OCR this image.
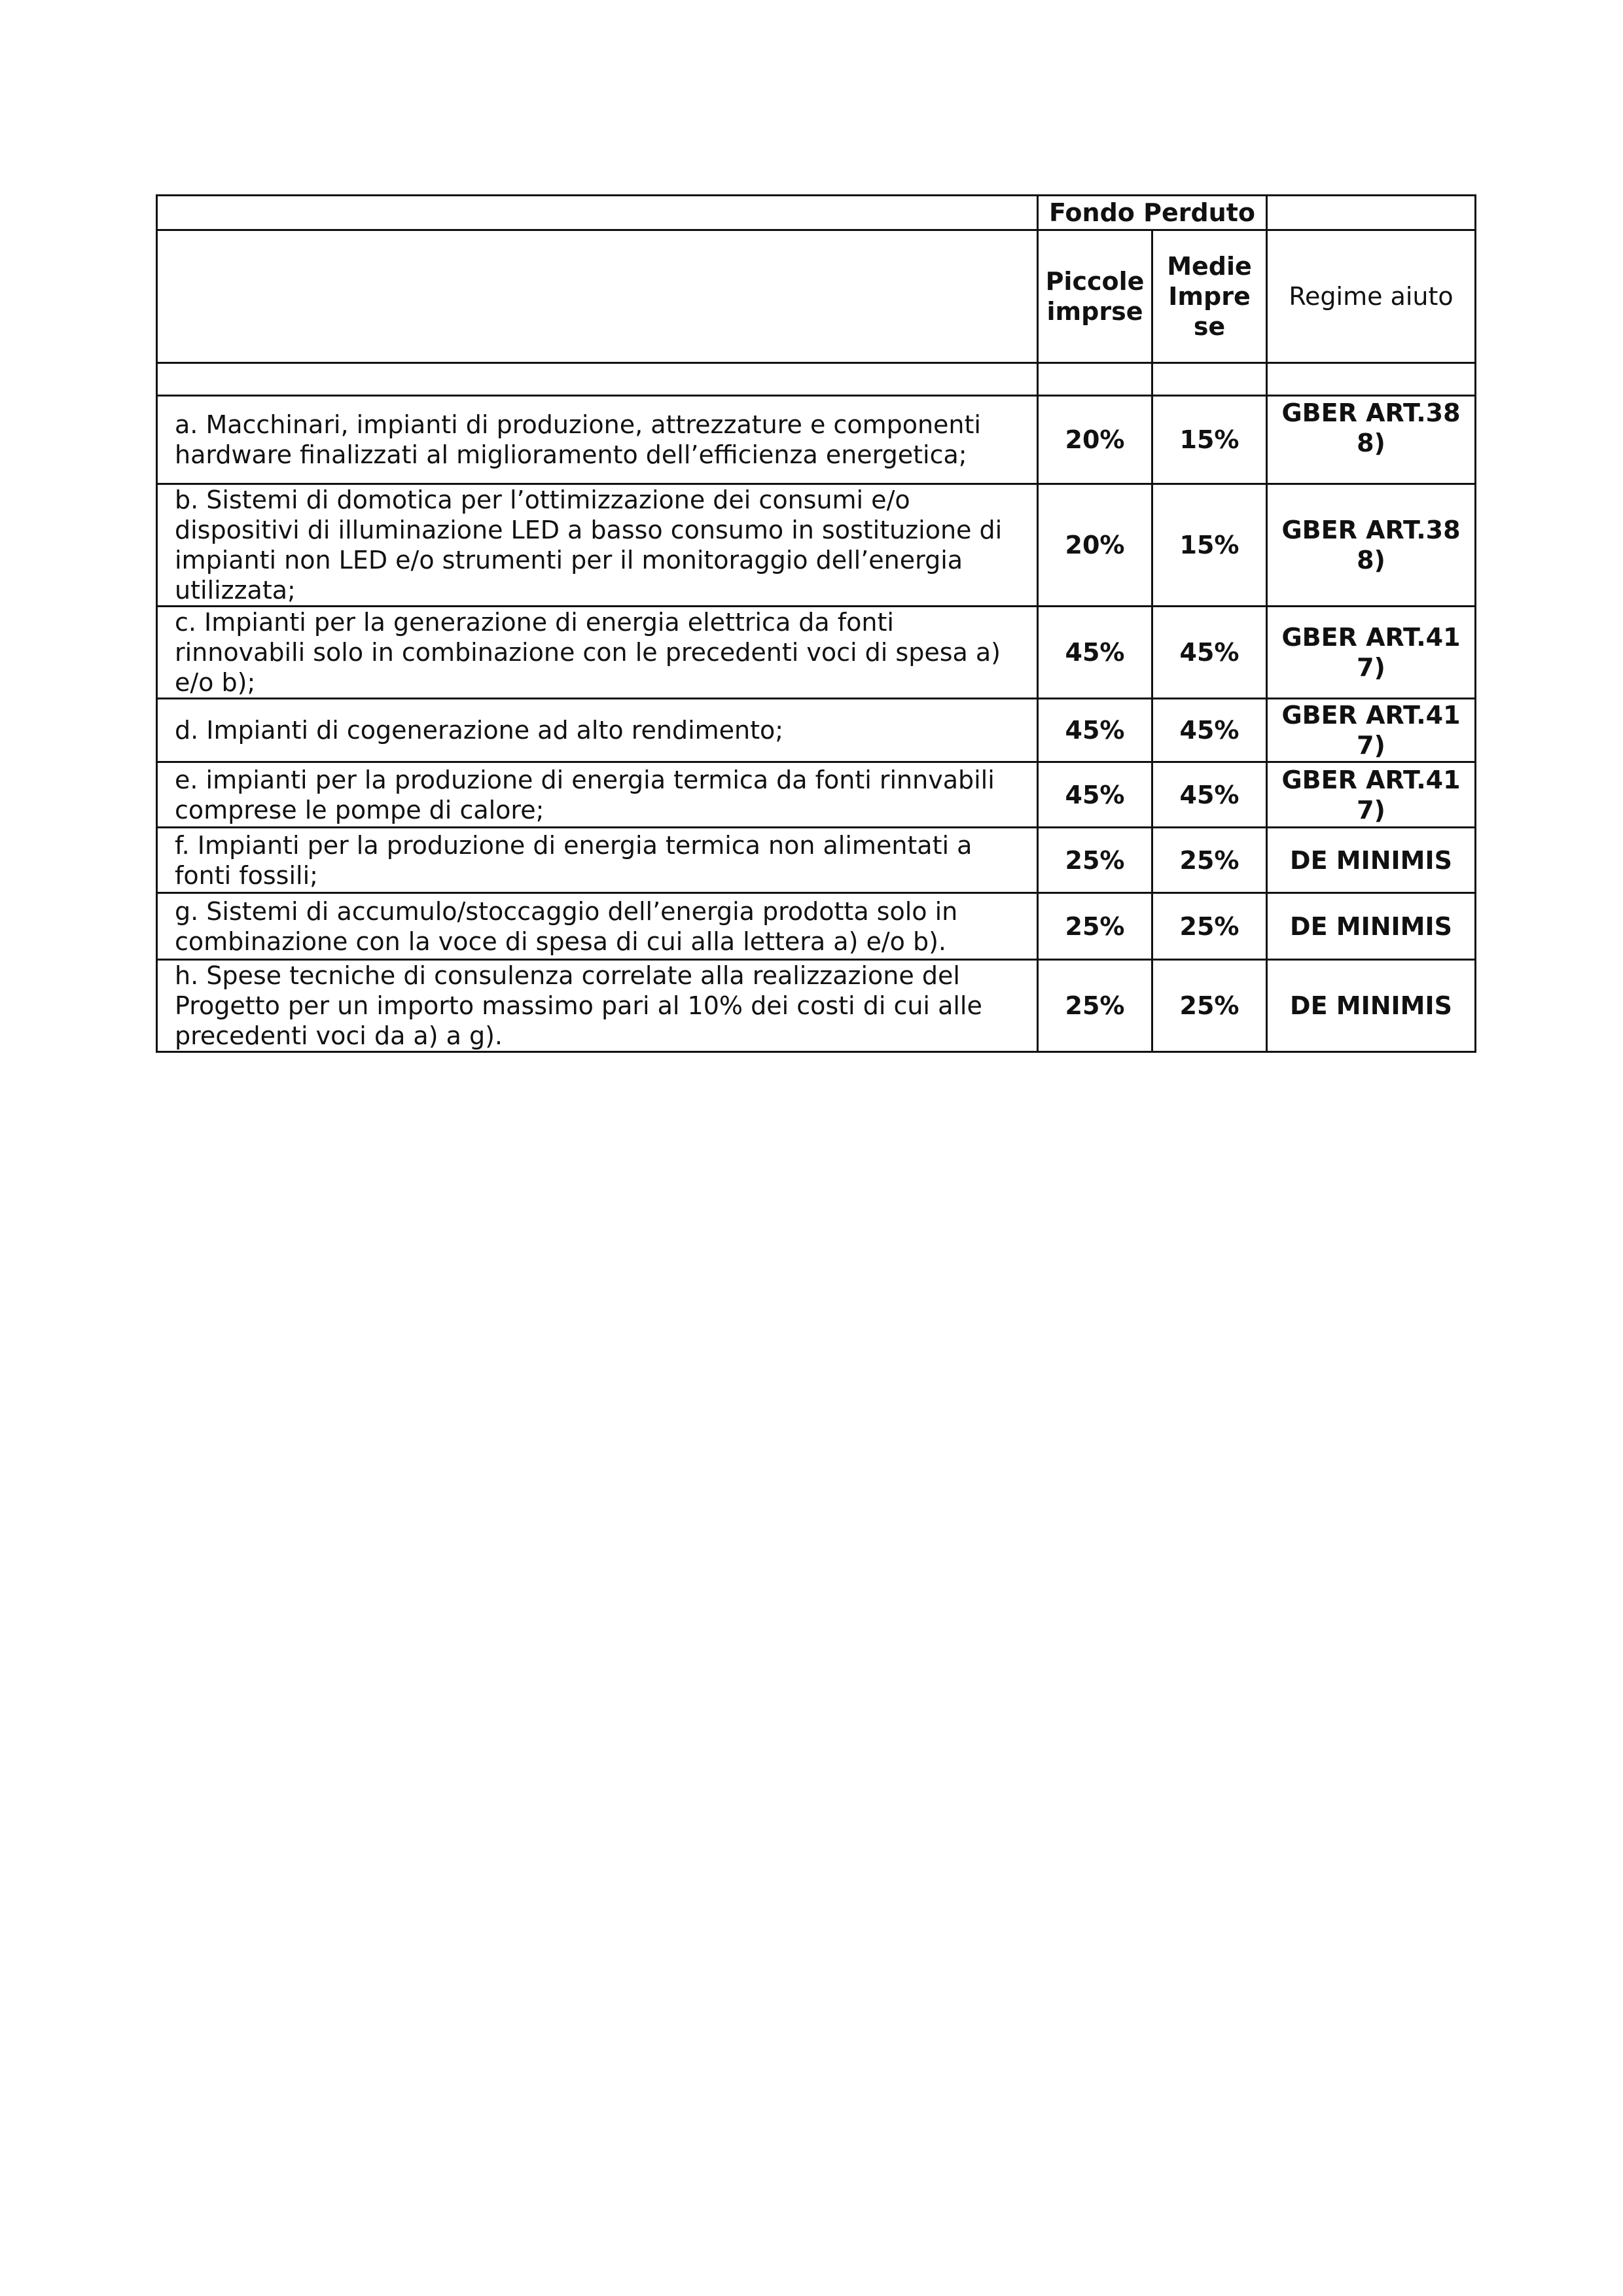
	Fondo Perduto		
	Piccole imprse	Medie Impre se	Regime aiuto

a. Macchinari, impianti di produzione, attrezzature e componenti hardware finalizzati al miglioramento dell’efficienza energetica;	20%	15%	GBER ART.38 8)
b. Sistemi di domotica per l’ottimizzazione dei consumi e/o dispositivi di illuminazione LED a basso consumo in sostituzione di impianti non LED e/o strumenti per il monitoraggio dell’energia utilizzata;	20%	15%	GBER ART.38 8)
c. Impianti per la generazione di energia elettrica da fonti rinnovabili solo in combinazione con le precedenti voci di spesa a) e/o b);	45%	45%	GBER ART.41 7)
d. Impianti di cogenerazione ad alto rendimento;	45%	45%	GBER ART.41 7)
e. impianti per la produzione di energia termica da fonti rinnvabili comprese le pompe di calore;	45%	45%	GBER ART.41 7)
f. Impianti per la produzione di energia termica non alimentati a fonti fossili;	25%	25%	DE MINIMIS
g. Sistemi di accumulo/stoccaggio dell’energia prodotta solo in combinazione con la voce di spesa di cui alla lettera a) e/o b).	25%	25%	DE MINIMIS
h. Spese tecniche di consulenza correlate alla realizzazione del Progetto per un importo massimo pari al 10% dei costi di cui alle precedenti voci da a) a g).	25%	25%	DE MINIMIS
